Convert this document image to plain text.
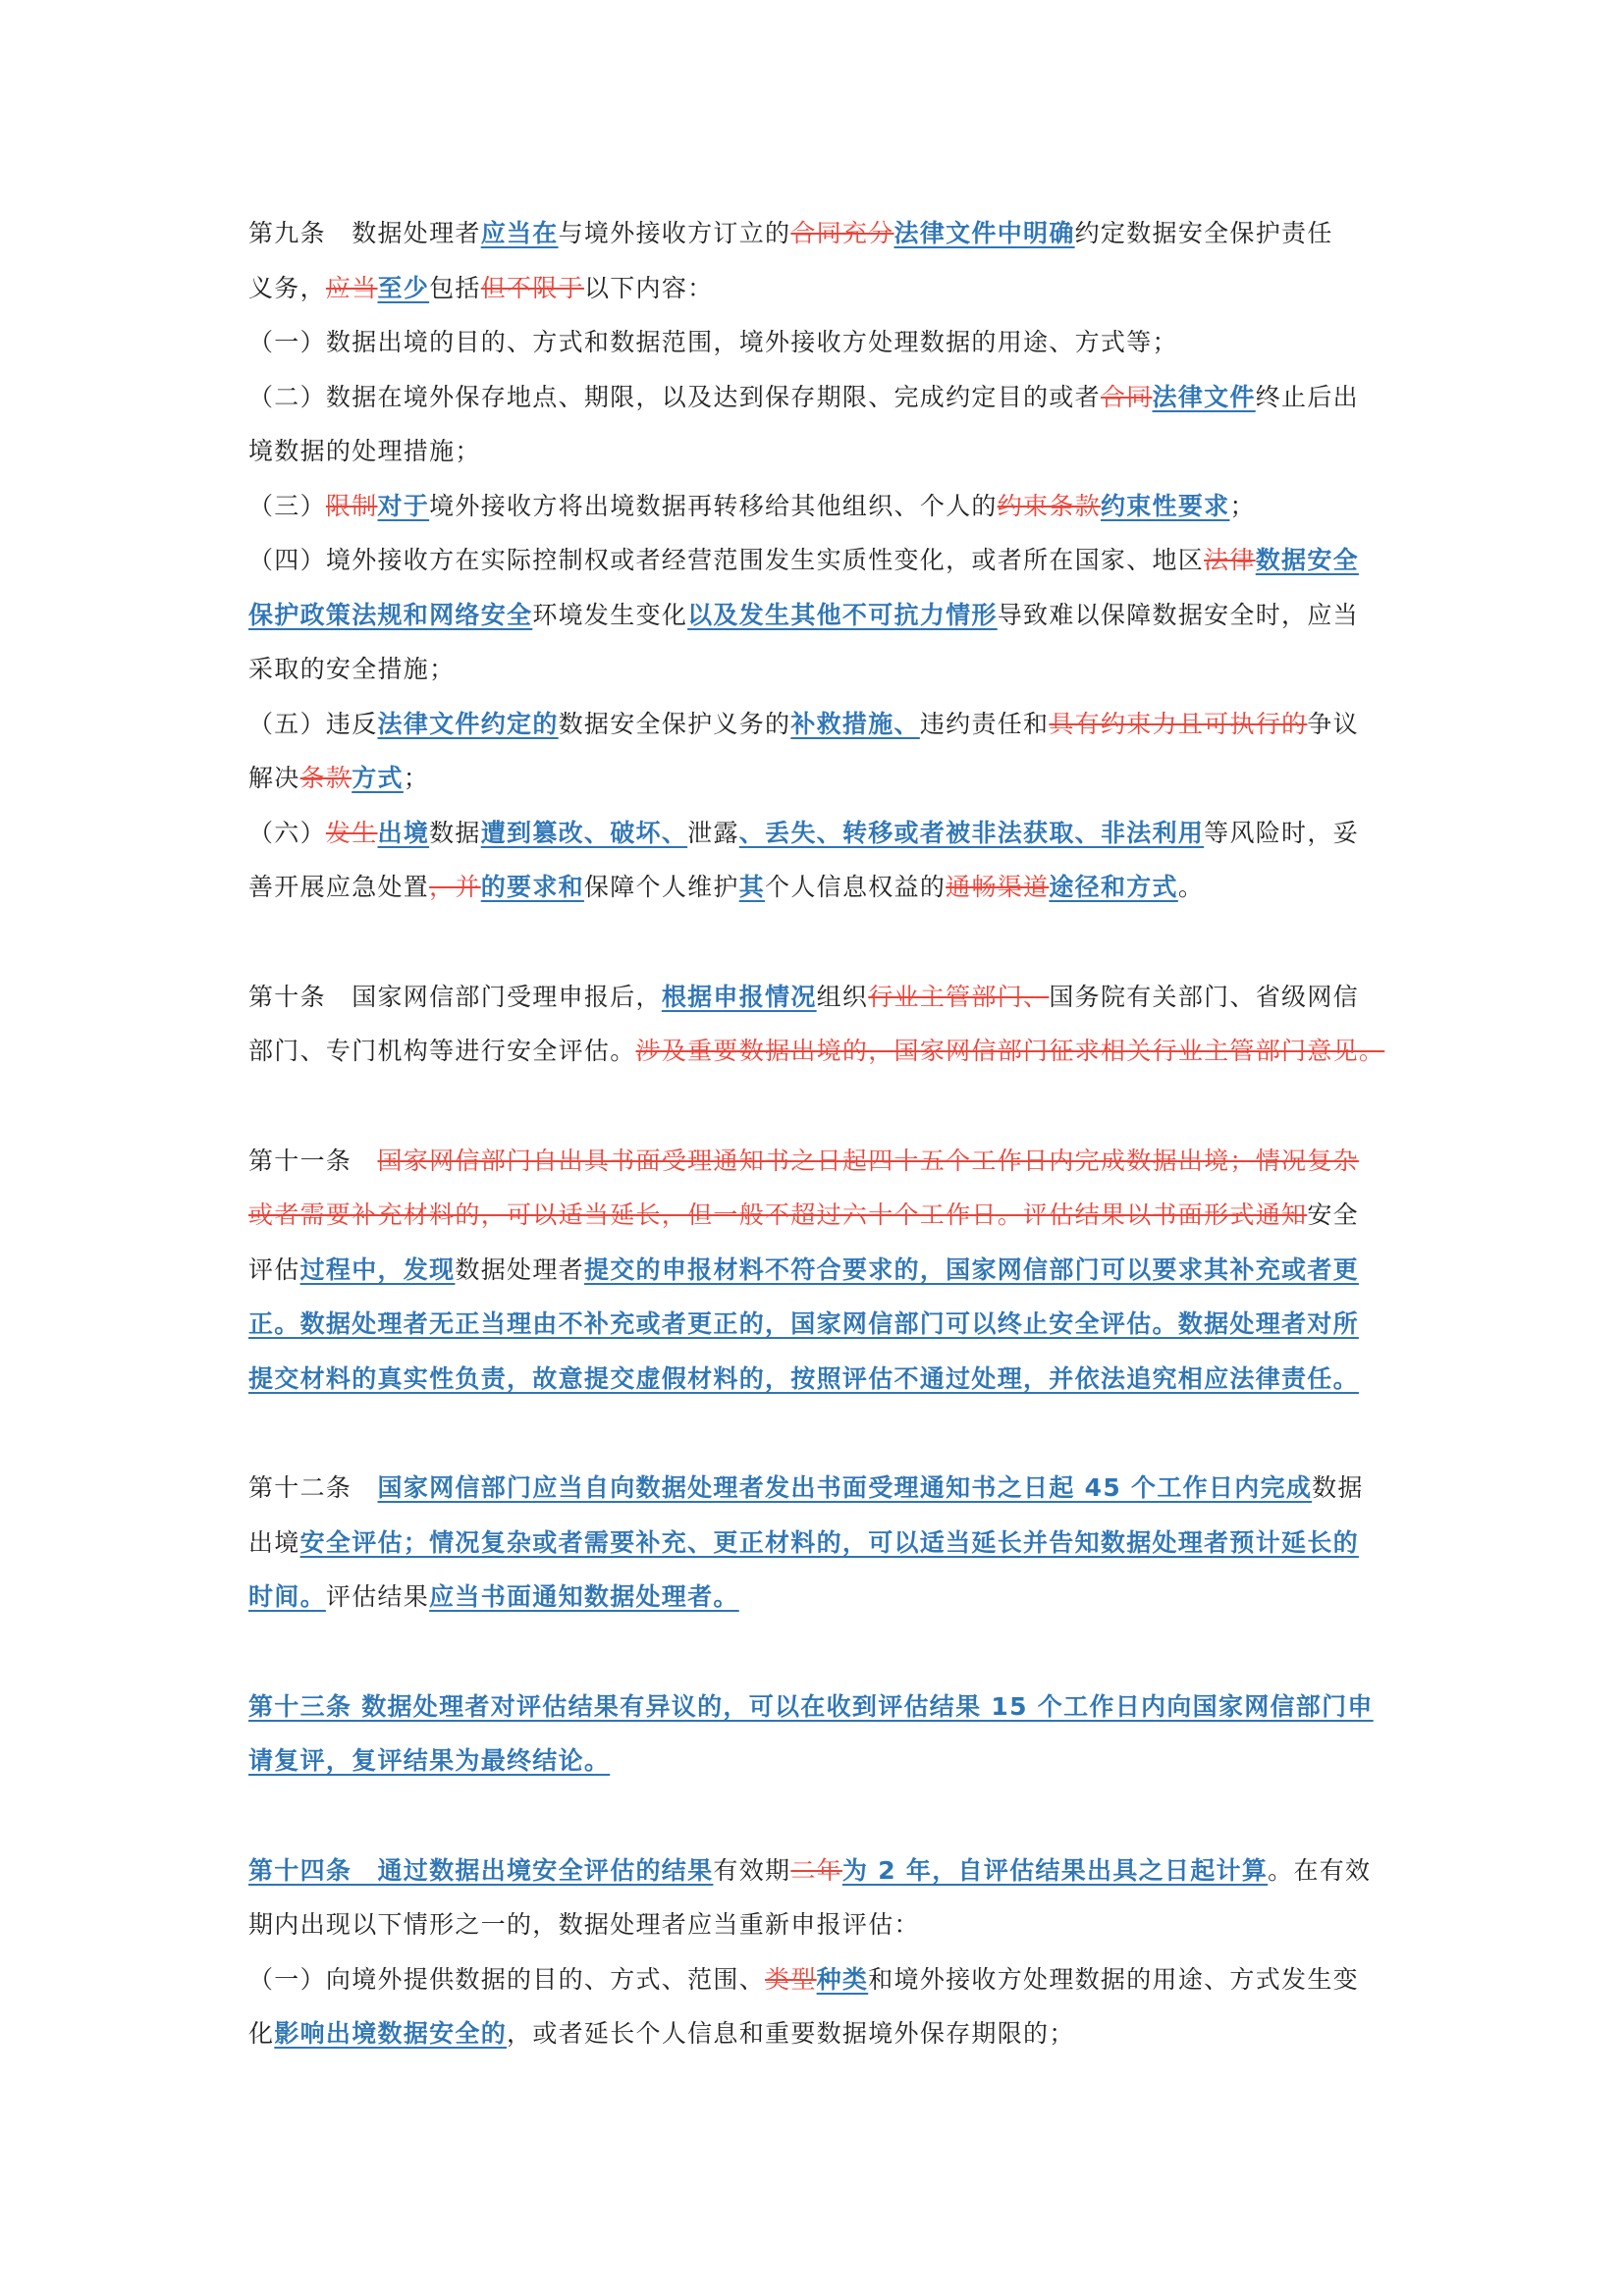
第九条　数据处理者应当在与境外接收方订立的合同充分法律文件中明确约定数据安全保护责任
义务，应当至少包括但不限于以下内容：
（一）数据出境的目的、方式和数据范围，境外接收方处理数据的用途、方式等；
（二）数据在境外保存地点、期限，以及达到保存期限、完成约定目的或者合同法律文件终止后出
境数据的处理措施；
（三）限制对于境外接收方将出境数据再转移给其他组织、个人的约束条款约束性要求；
（四）境外接收方在实际控制权或者经营范围发生实质性变化，或者所在国家、地区法律数据安全
保护政策法规和网络安全环境发生变化以及发生其他不可抗力情形导致难以保障数据安全时，应当
采取的安全措施；
（五）违反法律文件约定的数据安全保护义务的补救措施、违约责任和具有约束力且可执行的争议
解决条款方式；
（六）发生出境数据遭到篡改、破坏、泄露、丢失、转移或者被非法获取、非法利用等风险时，妥
善开展应急处置，并的要求和保障个人维护其个人信息权益的通畅渠道途径和方式。
第十条　国家网信部门受理申报后，根据申报情况组织行业主管部门、国务院有关部门、省级网信
部门、专门机构等进行安全评估。涉及重要数据出境的，国家网信部门征求相关行业主管部门意见。
第十一条　国家网信部门自出具书面受理通知书之日起四十五个工作日内完成数据出境；情况复杂
或者需要补充材料的，可以适当延长，但一般不超过六十个工作日。评估结果以书面形式通知安全
评估过程中，发现数据处理者提交的申报材料不符合要求的，国家网信部门可以要求其补充或者更
正。数据处理者无正当理由不补充或者更正的，国家网信部门可以终止安全评估。数据处理者对所
提交材料的真实性负责，故意提交虚假材料的，按照评估不通过处理，并依法追究相应法律责任。
第十二条　国家网信部门应当自向数据处理者发出书面受理通知书之日起 45 个工作日内完成数据
出境安全评估；情况复杂或者需要补充、更正材料的，可以适当延长并告知数据处理者预计延长的
时间。评估结果应当书面通知数据处理者。
第十三条 数据处理者对评估结果有异议的，可以在收到评估结果 15 个工作日内向国家网信部门申
请复评，复评结果为最终结论。
第十四条　通过数据出境安全评估的结果有效期二年为 2 年，自评估结果出具之日起计算。在有效
期内出现以下情形之一的，数据处理者应当重新申报评估：
（一）向境外提供数据的目的、方式、范围、类型种类和境外接收方处理数据的用途、方式发生变
化影响出境数据安全的，或者延长个人信息和重要数据境外保存期限的；
